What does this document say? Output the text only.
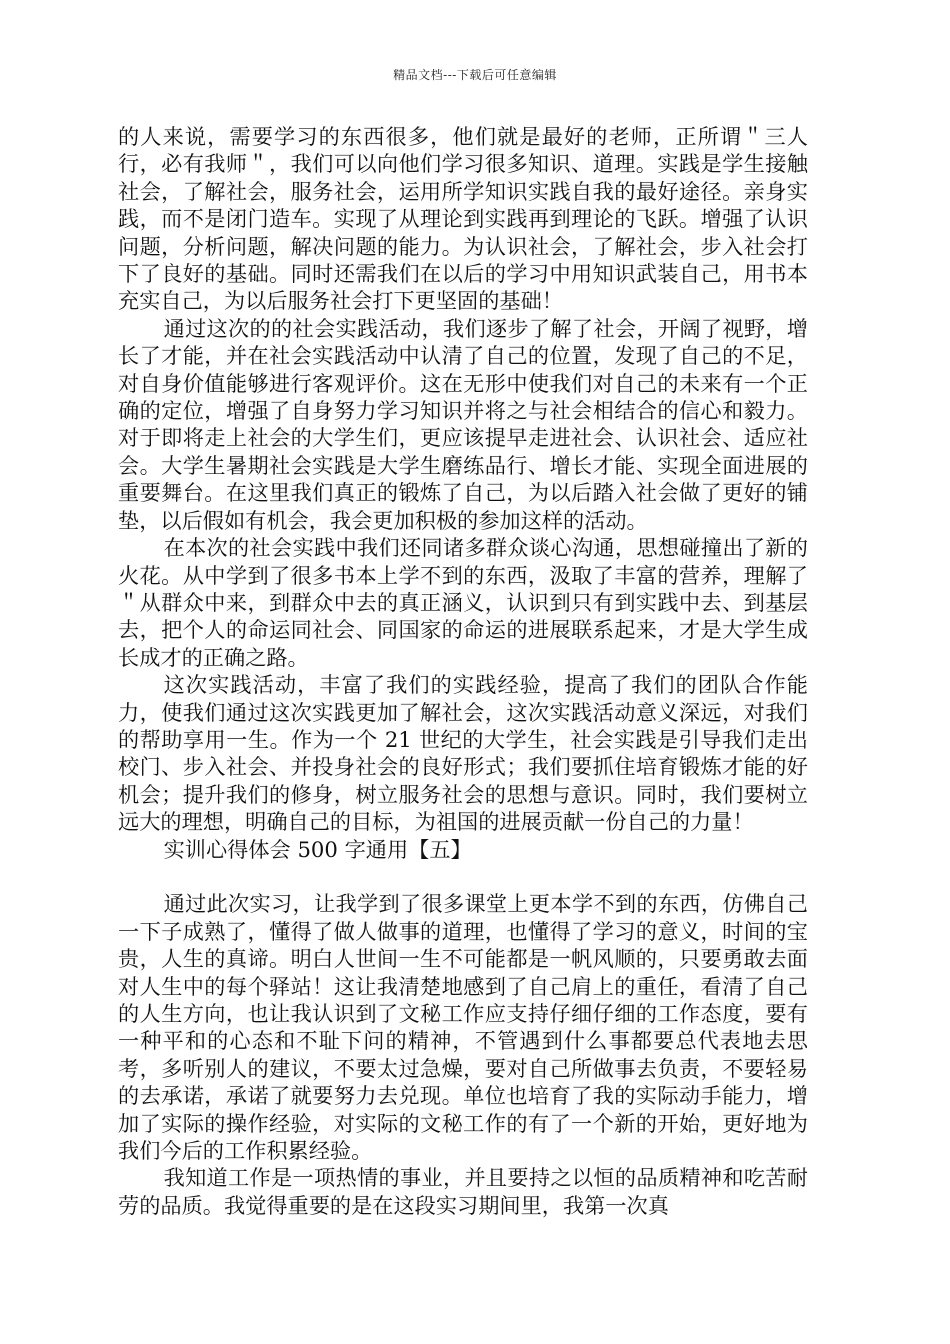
精品文档---下载后可任意编辑

的人来说，需要学习的东西很多，他们就是最好的老师，正所谓＂三人行，必有我师＂，我们可以向他们学习很多知识、道理。实践是学生接触社会，了解社会，服务社会，运用所学知识实践自我的最好途径。亲身实践，而不是闭门造车。实现了从理论到实践再到理论的飞跃。增强了认识问题，分析问题，解决问题的能力。为认识社会，了解社会，步入社会打下了良好的基础。同时还需我们在以后的学习中用知识武装自己，用书本充实自己，为以后服务社会打下更坚固的基础！

通过这次的的社会实践活动，我们逐步了解了社会，开阔了视野，增长了才能，并在社会实践活动中认清了自己的位置，发现了自己的不足，对自身价值能够进行客观评价。这在无形中使我们对自己的未来有一个正确的定位，增强了自身努力学习知识并将之与社会相结合的信心和毅力。对于即将走上社会的大学生们，更应该提早走进社会、认识社会、适应社会。大学生暑期社会实践是大学生磨练品行、增长才能、实现全面进展的重要舞台。在这里我们真正的锻炼了自己，为以后踏入社会做了更好的铺垫，以后假如有机会，我会更加积极的参加这样的活动。

在本次的社会实践中我们还同诸多群众谈心沟通，思想碰撞出了新的火花。从中学到了很多书本上学不到的东西，汲取了丰富的营养，理解了＂从群众中来，到群众中去的真正涵义，认识到只有到实践中去、到基层去，把个人的命运同社会、同国家的命运的进展联系起来，才是大学生成长成才的正确之路。

这次实践活动，丰富了我们的实践经验，提高了我们的团队合作能力，使我们通过这次实践更加了解社会，这次实践活动意义深远，对我们的帮助享用一生。作为一个 21 世纪的大学生，社会实践是引导我们走出校门、步入社会、并投身社会的良好形式；我们要抓住培育锻炼才能的好机会；提升我们的修身，树立服务社会的思想与意识。同时，我们要树立远大的理想，明确自己的目标，为祖国的进展贡献一份自己的力量！

实训心得体会 500 字通用【五】

通过此次实习，让我学到了很多课堂上更本学不到的东西，仿佛自己一下子成熟了，懂得了做人做事的道理，也懂得了学习的意义，时间的宝贵，人生的真谛。明白人世间一生不可能都是一帆风顺的，只要勇敢去面对人生中的每个驿站！这让我清楚地感到了自己肩上的重任，看清了自己的人生方向，也让我认识到了文秘工作应支持仔细仔细的工作态度，要有一种平和的心态和不耻下问的精神，不管遇到什么事都要总代表地去思考，多听别人的建议，不要太过急燥，要对自己所做事去负责，不要轻易的去承诺，承诺了就要努力去兑现。单位也培育了我的实际动手能力，增加了实际的操作经验，对实际的文秘工作的有了一个新的开始，更好地为我们今后的工作积累经验。

我知道工作是一项热情的事业，并且要持之以恒的品质精神和吃苦耐劳的品质。我觉得重要的是在这段实习期间里，我第一次真
